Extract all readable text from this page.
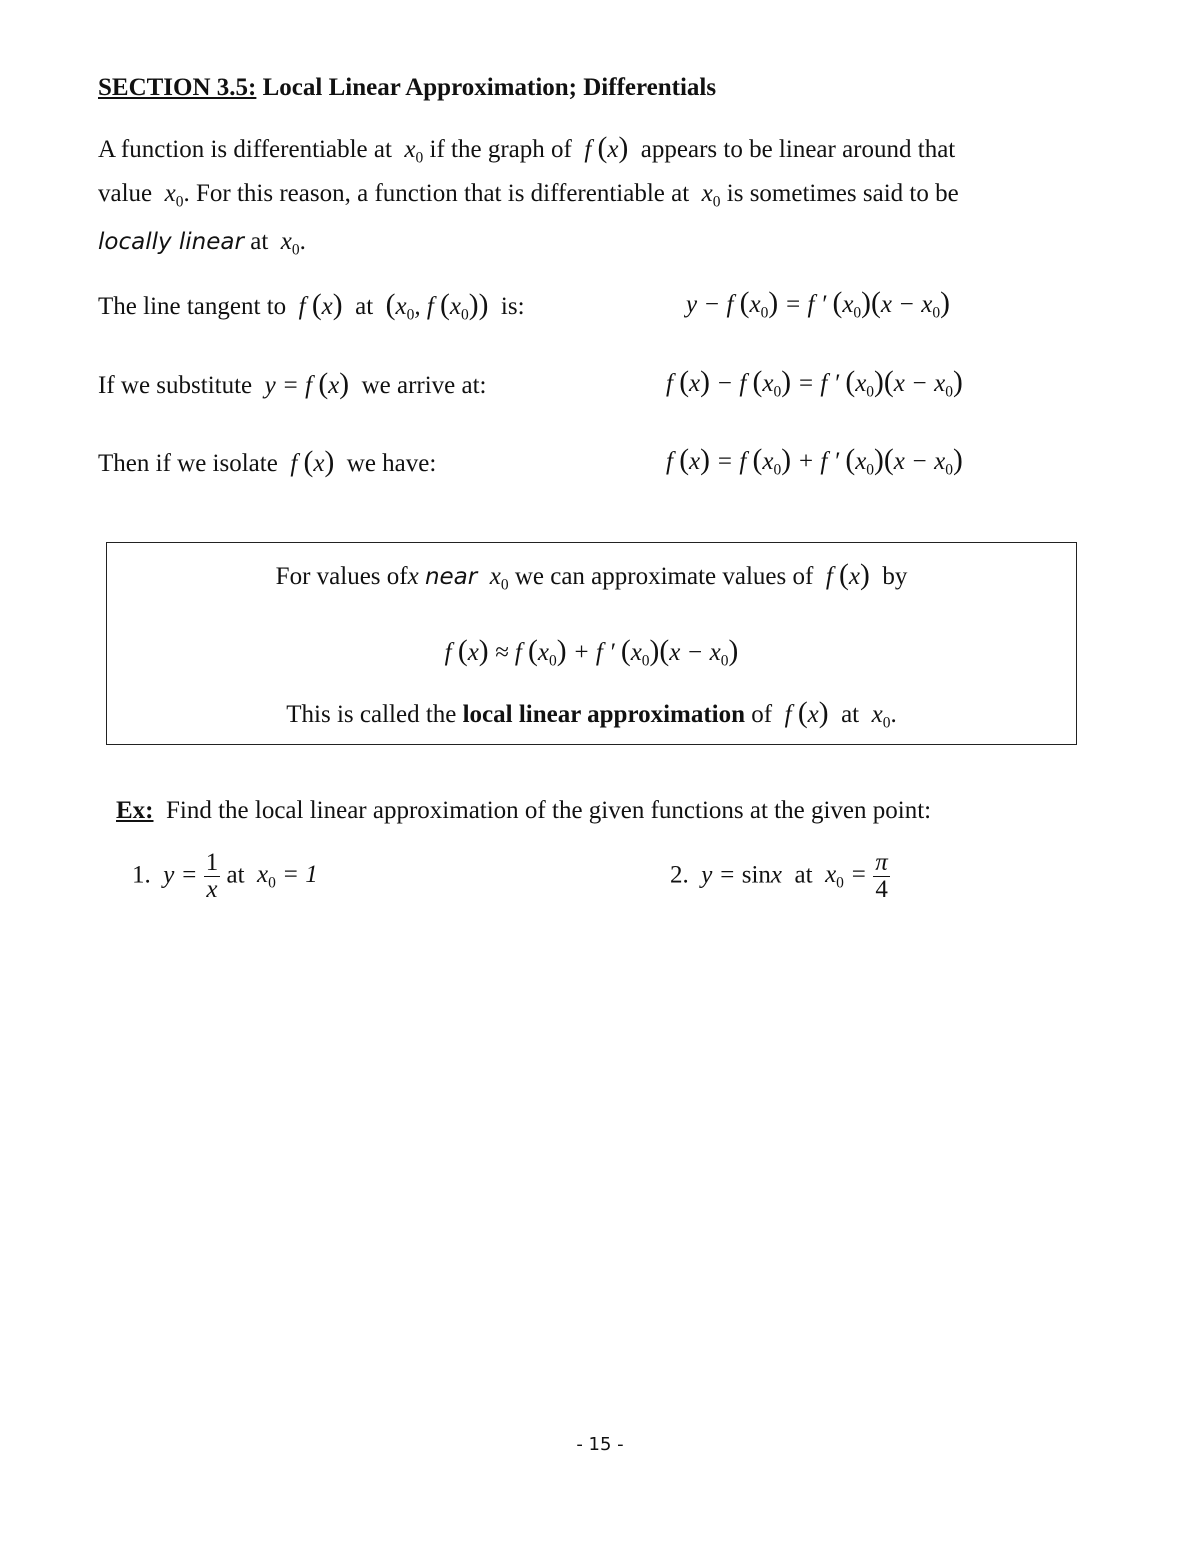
SECTION 3.5: Local Linear Approximation; Differentials
A function is differentiable at  $x_0$ if the graph of  f (x) appears to be linear around that
value  $x_0$. For this reason, a function that is differentiable at  $x_0$ is sometimes said to be
locally linear at  $x_0$.
The line tangent to  f (x) at ($x_0$, f $(x_0)$) is:	y − f $(x_0) = f$ ′ $(x_0)(x - x_0)$
If we substitute  y = f (x) we arrive at:	f (x) − f $(x_0) = f$ ′ $(x_0)(x - x_0)$
Then if we isolate  f (x) we have:	f (x) = f $(x_0) + f$ ′ $(x_0)(x - x_0)$
For values ofx near  $x_0$ we can approximate values of  f (x) by
f (x) ≈ f $(x_0) + f$ ′ $(x_0)(x - x_0)$
This is called the local linear approximation of  f (x) at  $x_0$.
Ex: Find the local linear approximation of the given functions at the given point:
1. $y = \frac{1}{x}$ at  $x_0 = 1$	2. y = sinx at  $x_0 = \frac{\pi}{4}$
- 15 -
